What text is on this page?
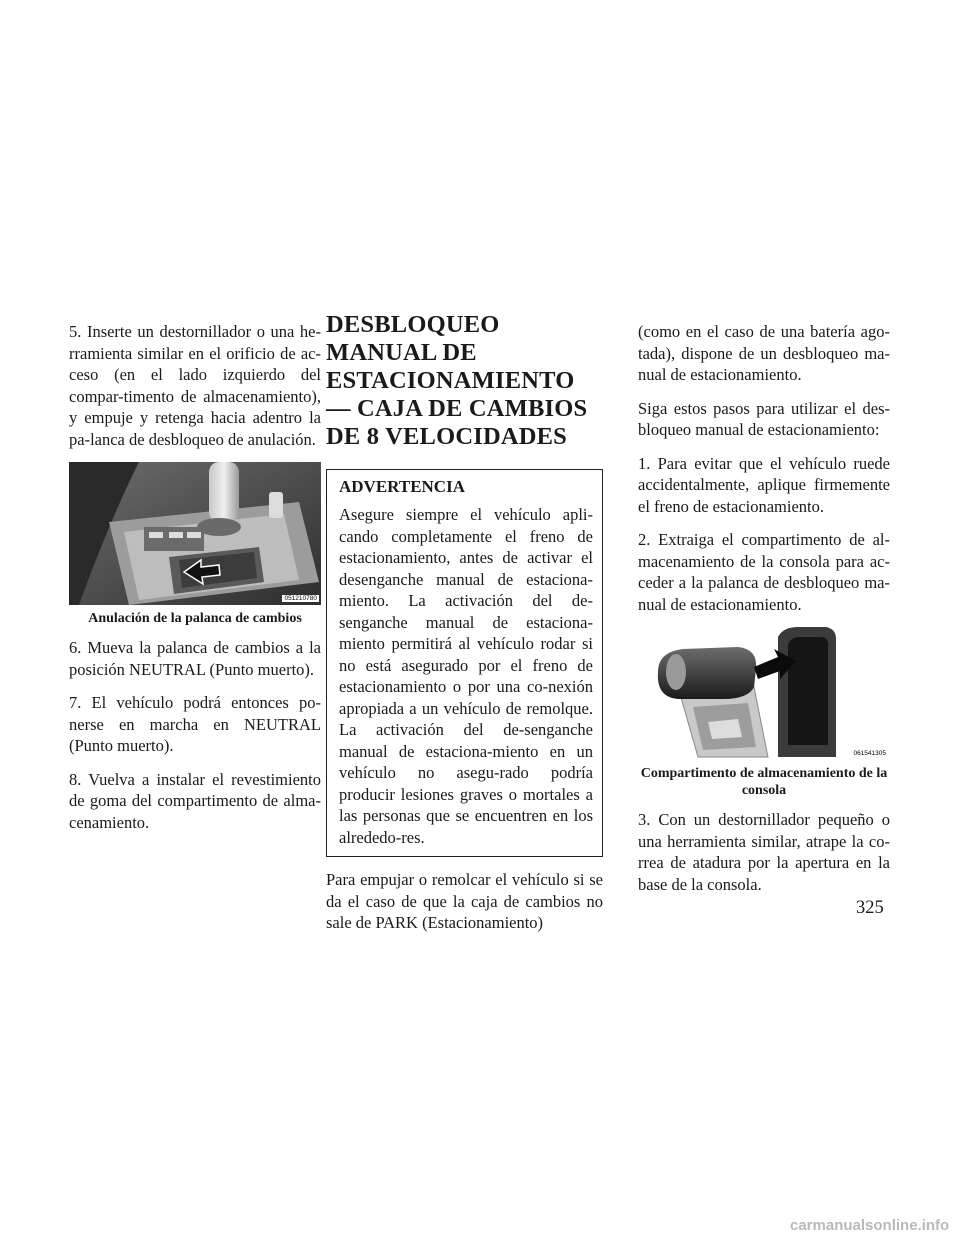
5. Inserte un destornillador o una he-rramienta similar en el orificio de ac-ceso (en el lado izquierdo del compar-timento de almacenamiento), y empuje y retenga hacia adentro la pa-lanca de desbloqueo de anulación.

051210780
Anulación de la palanca de cambios

6. Mueva la palanca de cambios a la posición NEUTRAL (Punto muerto).

7. El vehículo podrá entonces po-nerse en marcha en NEUTRAL (Punto muerto).

8. Vuelva a instalar el revestimiento de goma del compartimento de alma-cenamiento.

DESBLOQUEO MANUAL DE ESTACIONAMIENTO — CAJA DE CAMBIOS DE 8 VELOCIDADES
ADVERTENCIA

Asegure siempre el vehículo apli-cando completamente el freno de estacionamiento, antes de activar el desenganche manual de estaciona-miento. La activación del de-senganche manual de estaciona-miento permitirá al vehículo rodar si no está asegurado por el freno de estacionamiento o por una co-nexión apropiada a un vehículo de remolque. La activación del de-senganche manual de estaciona-miento en un vehículo no asegu-rado podría producir lesiones graves o mortales a las personas que se encuentren en los alrededo-res.

Para empujar o remolcar el vehículo si se da el caso de que la caja de cambios no sale de PARK (Estacionamiento)

(como en el caso de una batería ago-tada), dispone de un desbloqueo ma-nual de estacionamiento.

Siga estos pasos para utilizar el des-bloqueo manual de estacionamiento:

1. Para evitar que el vehículo ruede accidentalmente, aplique firmemente el freno de estacionamiento.

2. Extraiga el compartimento de al-macenamiento de la consola para ac-ceder a la palanca de desbloqueo ma-nual de estacionamiento.

061541305
Compartimento de almacenamiento de la consola

3. Con un destornillador pequeño o una herramienta similar, atrape la co-rrea de atadura por la apertura en la base de la consola.

325
carmanualsonline.info
